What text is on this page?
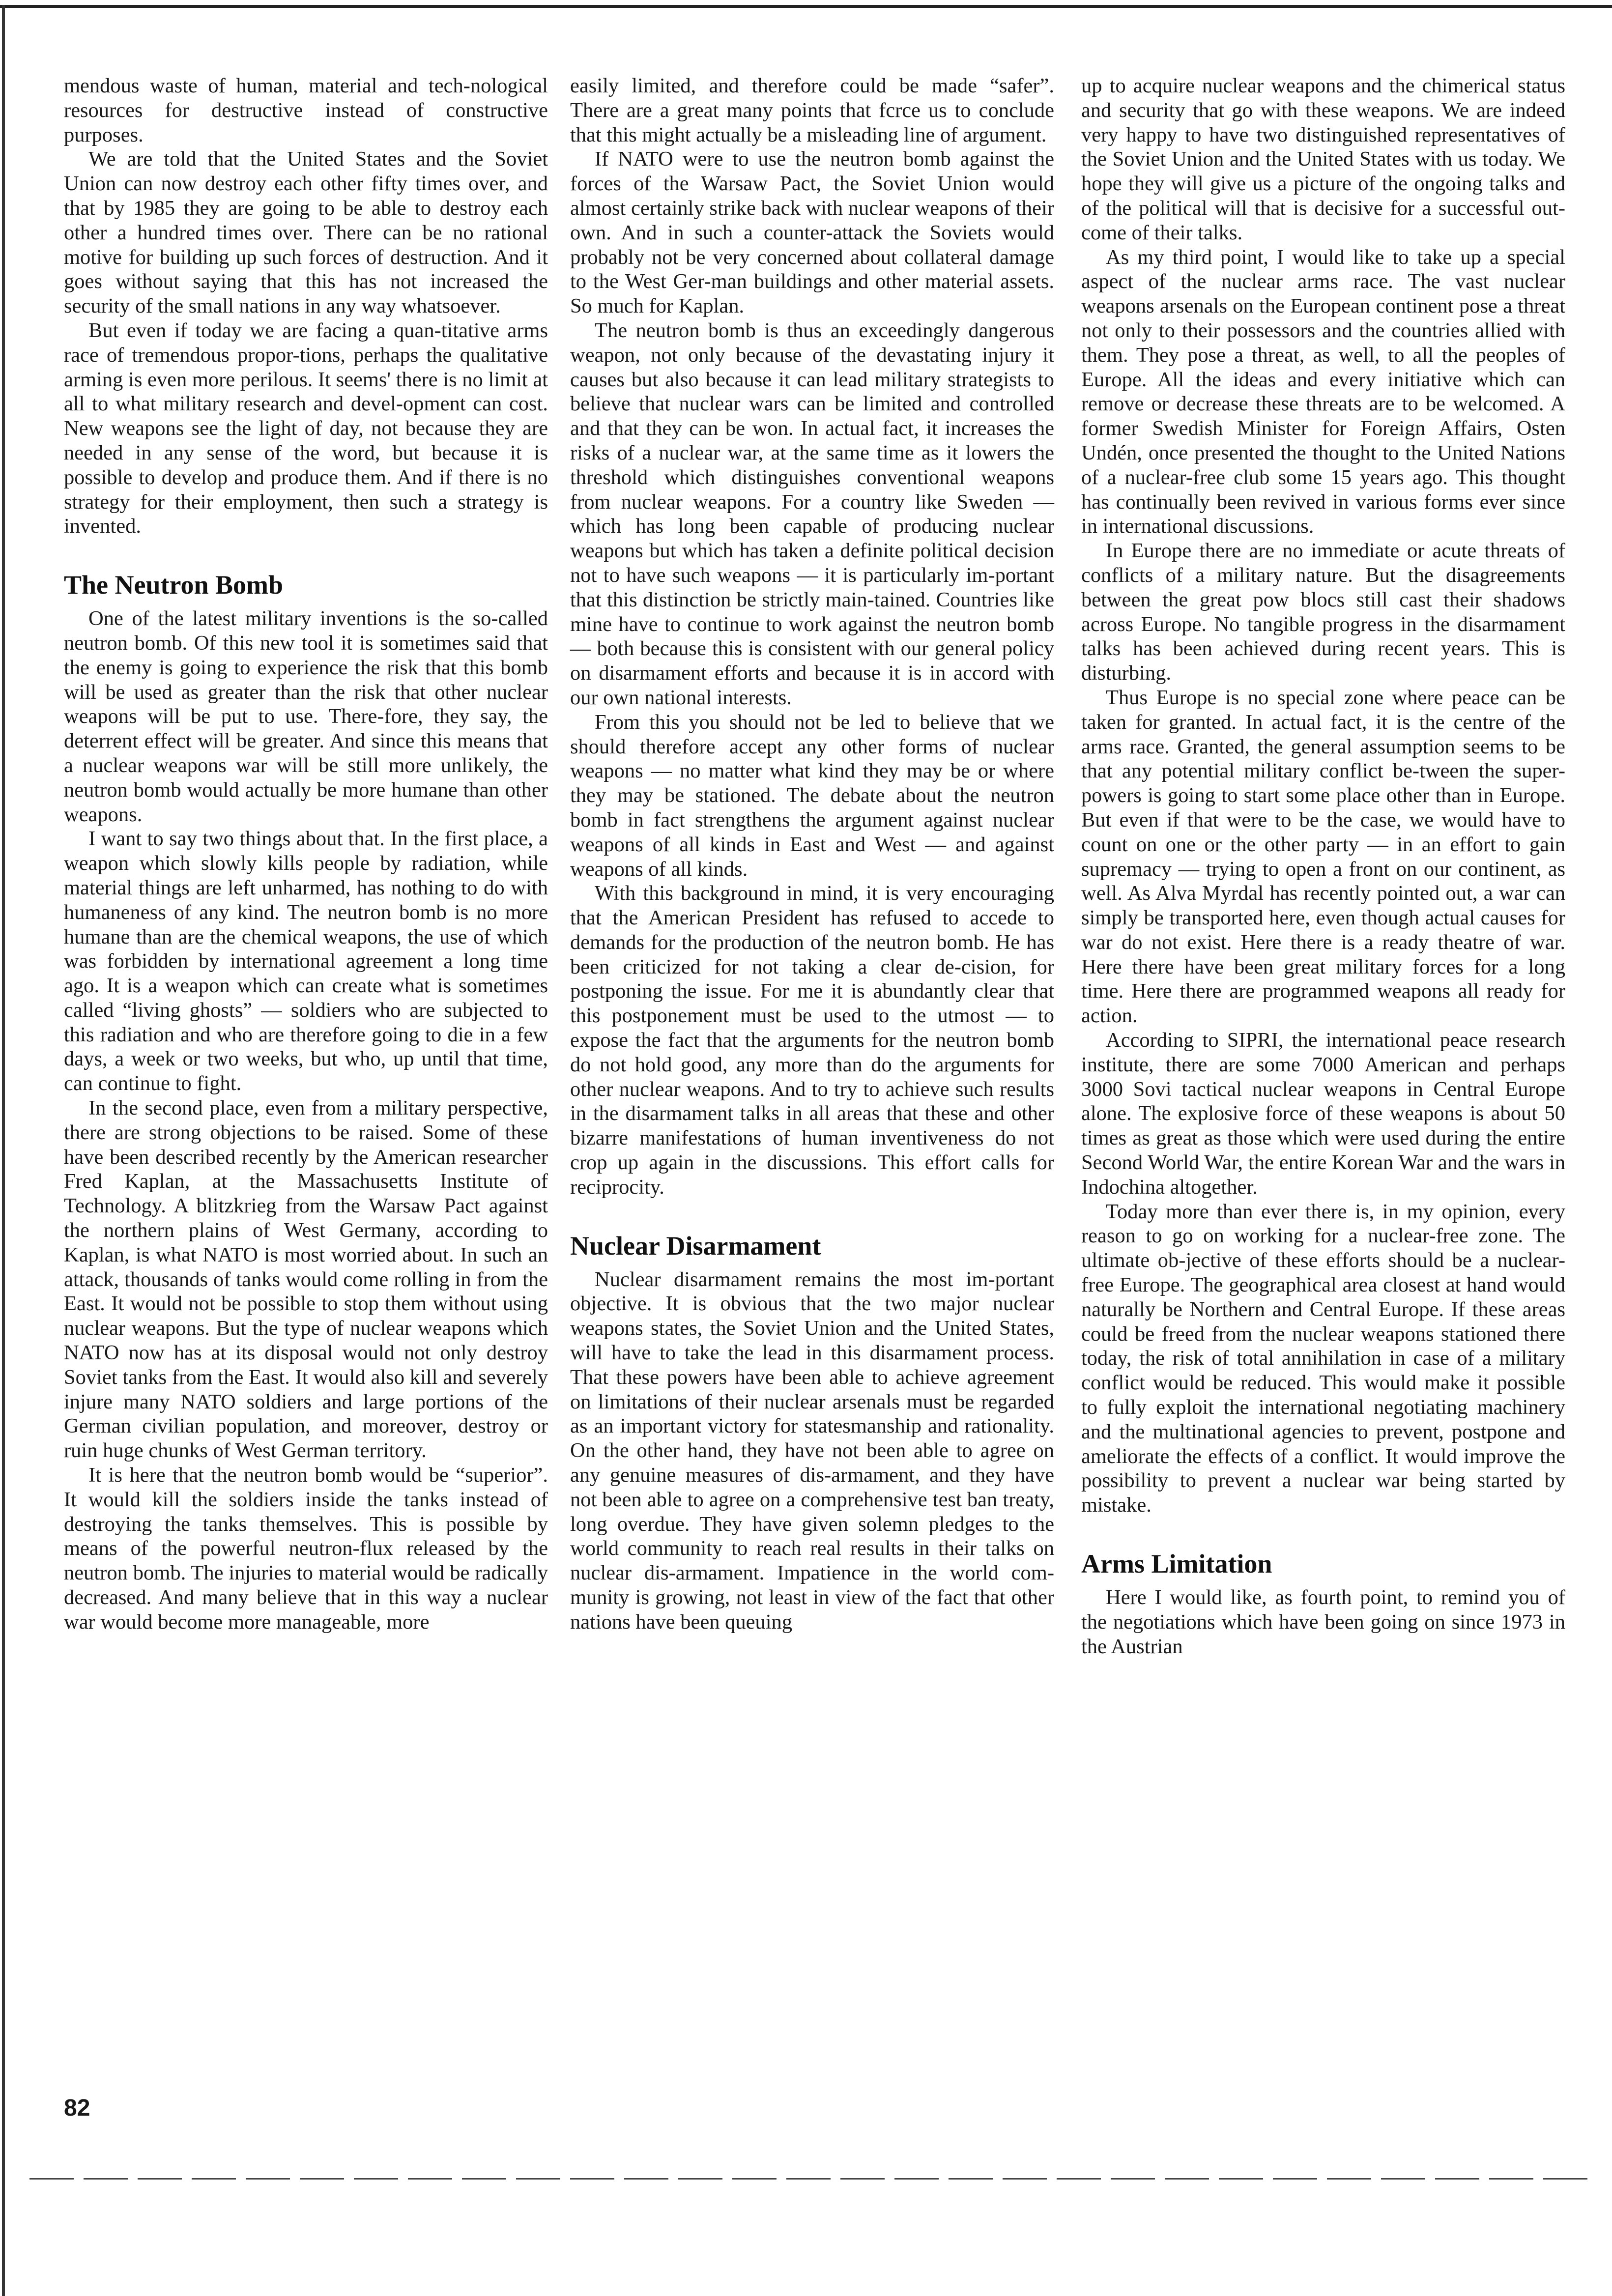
mendous waste of human, material and tech-nological resources for destructive instead of constructive purposes.

We are told that the United States and the Soviet Union can now destroy each other fifty times over, and that by 1985 they are going to be able to destroy each other a hundred times over. There can be no rational motive for building up such forces of destruction. And it goes without saying that this has not increased the security of the small nations in any way whatsoever.

But even if today we are facing a quan-titative arms race of tremendous propor-tions, perhaps the qualitative arming is even more perilous. It seems' there is no limit at all to what military research and devel-opment can cost. New weapons see the light of day, not because they are needed in any sense of the word, but because it is possible to develop and produce them. And if there is no strategy for their employment, then such a strategy is invented.

The Neutron Bomb

One of the latest military inventions is the so-called neutron bomb. Of this new tool it is sometimes said that the enemy is going to experience the risk that this bomb will be used as greater than the risk that other nuclear weapons will be put to use. There-fore, they say, the deterrent effect will be greater. And since this means that a nuclear weapons war will be still more unlikely, the neutron bomb would actually be more humane than other weapons.

I want to say two things about that. In the first place, a weapon which slowly kills people by radiation, while material things are left unharmed, has nothing to do with humaneness of any kind. The neutron bomb is no more humane than are the chemical weapons, the use of which was forbidden by international agreement a long time ago. It is a weapon which can create what is sometimes called “living ghosts” — soldiers who are subjected to this radiation and who are therefore going to die in a few days, a week or two weeks, but who, up until that time, can continue to fight.

In the second place, even from a military perspective, there are strong objections to be raised. Some of these have been described recently by the American researcher Fred Kaplan, at the Massachusetts Institute of Technology. A blitzkrieg from the Warsaw Pact against the northern plains of West Germany, according to Kaplan, is what NATO is most worried about. In such an attack, thousands of tanks would come rolling in from the East. It would not be possible to stop them without using nuclear weapons. But the type of nuclear weapons which NATO now has at its disposal would not only destroy Soviet tanks from the East. It would also kill and severely injure many NATO soldiers and large portions of the German civilian population, and moreover, destroy or ruin huge chunks of West German territory.

It is here that the neutron bomb would be “superior”. It would kill the soldiers inside the tanks instead of destroying the tanks themselves. This is possible by means of the powerful neutron-flux released by the neutron bomb. The injuries to material would be radically decreased. And many believe that in this way a nuclear war would become more manageable, more

easily limited, and therefore could be made “safer”. There are a great many points that fcrce us to conclude that this might actually be a misleading line of argument.

If NATO were to use the neutron bomb against the forces of the Warsaw Pact, the Soviet Union would almost certainly strike back with nuclear weapons of their own. And in such a counter-attack the Soviets would probably not be very concerned about collateral damage to the West Ger-man buildings and other material assets. So much for Kaplan.

The neutron bomb is thus an exceedingly dangerous weapon, not only because of the devastating injury it causes but also because it can lead military strategists to believe that nuclear wars can be limited and controlled and that they can be won. In actual fact, it increases the risks of a nuclear war, at the same time as it lowers the threshold which distinguishes conventional weapons from nuclear weapons. For a country like Sweden — which has long been capable of producing nuclear weapons but which has taken a definite political decision not to have such weapons — it is particularly im-portant that this distinction be strictly main-tained. Countries like mine have to continue to work against the neutron bomb — both because this is consistent with our general policy on disarmament efforts and because it is in accord with our own national interests.

From this you should not be led to believe that we should therefore accept any other forms of nuclear weapons — no matter what kind they may be or where they may be stationed. The debate about the neutron bomb in fact strengthens the argument against nuclear weapons of all kinds in East and West — and against weapons of all kinds.

With this background in mind, it is very encouraging that the American President has refused to accede to demands for the production of the neutron bomb. He has been criticized for not taking a clear de-cision, for postponing the issue. For me it is abundantly clear that this postponement must be used to the utmost — to expose the fact that the arguments for the neutron bomb do not hold good, any more than do the arguments for other nuclear weapons. And to try to achieve such results in the disarmament talks in all areas that these and other bizarre manifestations of human inventiveness do not crop up again in the discussions. This effort calls for reciprocity.

Nuclear Disarmament

Nuclear disarmament remains the most im-portant objective. It is obvious that the two major nuclear weapons states, the Soviet Union and the United States, will have to take the lead in this disarmament process. That these powers have been able to achieve agreement on limitations of their nuclear arsenals must be regarded as an important victory for statesmanship and rationality. On the other hand, they have not been able to agree on any genuine measures of dis-armament, and they have not been able to agree on a comprehensive test ban treaty, long overdue. They have given solemn pledges to the world community to reach real results in their talks on nuclear dis-armament. Impatience in the world com-munity is growing, not least in view of the fact that other nations have been queuing

up to acquire nuclear weapons and the chimerical status and security that go with these weapons. We are indeed very happy to have two distinguished representatives of the Soviet Union and the United States with us today. We hope they will give us a picture of the ongoing talks and of the political will that is decisive for a successful out-come of their talks.

As my third point, I would like to take up a special aspect of the nuclear arms race. The vast nuclear weapons arsenals on the European continent pose a threat not only to their possessors and the countries allied with them. They pose a threat, as well, to all the peoples of Europe. All the ideas and every initiative which can remove or decrease these threats are to be welcomed. A former Swedish Minister for Foreign Affairs, Osten Undén, once presented the thought to the United Nations of a nuclear-free club some 15 years ago. This thought has continually been revived in various forms ever since in international discussions.

In Europe there are no immediate or acute threats of conflicts of a military nature. But the disagreements between the great pow blocs still cast their shadows across Europe. No tangible progress in the disarmament talks has been achieved during recent years. This is disturbing.

Thus Europe is no special zone where peace can be taken for granted. In actual fact, it is the centre of the arms race. Granted, the general assumption seems to be that any potential military conflict be-tween the super-powers is going to start some place other than in Europe. But even if that were to be the case, we would have to count on one or the other party — in an effort to gain supremacy — trying to open a front on our continent, as well. As Alva Myrdal has recently pointed out, a war can simply be transported here, even though actual causes for war do not exist. Here there is a ready theatre of war. Here there have been great military forces for a long time. Here there are programmed weapons all ready for action.

According to SIPRI, the international peace research institute, there are some 7000 American and perhaps 3000 Sovi tactical nuclear weapons in Central Europe alone. The explosive force of these weapons is about 50 times as great as those which were used during the entire Second World War, the entire Korean War and the wars in Indochina altogether.

Today more than ever there is, in my opinion, every reason to go on working for a nuclear-free zone. The ultimate ob-jective of these efforts should be a nuclear-free Europe. The geographical area closest at hand would naturally be Northern and Central Europe. If these areas could be freed from the nuclear weapons stationed there today, the risk of total annihilation in case of a military conflict would be reduced. This would make it possible to fully exploit the international negotiating machinery and the multinational agencies to prevent, postpone and ameliorate the effects of a conflict. It would improve the possibility to prevent a nuclear war being started by mistake.

Arms Limitation

Here I would like, as fourth point, to remind you of the negotiations which have been going on since 1973 in the Austrian

82
